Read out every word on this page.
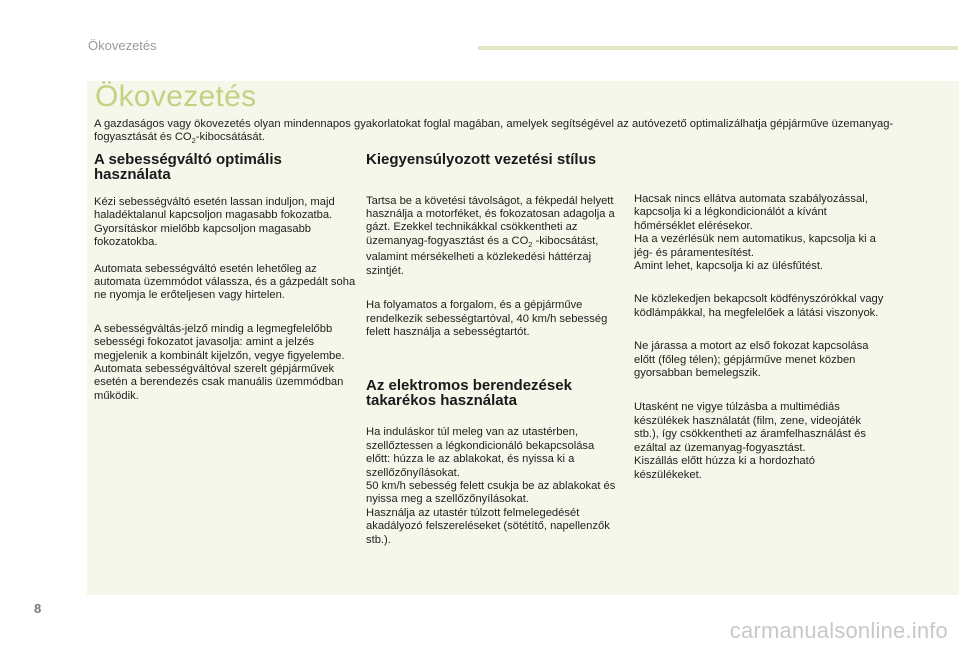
Ökovezetés
Ökovezetés
A gazdaságos vagy ökovezetés olyan mindennapos gyakorlatokat foglal magában, amelyek segítségével az autóvezető optimalizálhatja gépjárműve üzemanyag-fogyasztását és $CO_2$-kibocsátását.

A sebességváltó optimális használata

Kézi sebességváltó esetén lassan induljon, majd haladéktalanul kapcsoljon magasabb fokozatba. Gyorsításkor mielőbb kapcsoljon magasabb fokozatokba.

Automata sebességváltó esetén lehetőleg az automata üzemmódot válassza, és a gázpedált soha ne nyomja le erőteljesen vagy hirtelen.

A sebességváltás-jelző mindig a legmegfelelőbb sebességi fokozatot javasolja: amint a jelzés megjelenik a kombinált kijelzőn, vegye figyelembe.

Automata sebességváltóval szerelt gépjárművek esetén a berendezés csak manuális üzemmódban működik.

Kiegyensúlyozott vezetési stílus

Tartsa be a követési távolságot, a fékpedál helyett használja a motorféket, és fokozatosan adagolja a gázt. Ezekkel technikákkal csökkentheti az üzemanyag-fogyasztást és a $CO_2$ -kibocsátást, valamint mérsékelheti a közlekedési háttérzaj szintjét.

Ha folyamatos a forgalom, és a gépjárműve rendelkezik sebességtartóval, 40 km/h sebesség felett használja a sebességtartót.

Az elektromos berendezések takarékos használata

Ha induláskor túl meleg van az utastérben, szellőztessen a légkondicionáló bekapcsolása előtt: húzza le az ablakokat, és nyissa ki a szellőzőnyílásokat.

50 km/h sebesség felett csukja be az ablakokat és nyissa meg a szellőzőnyílásokat.

Használja az utastér túlzott felmelegedését akadályozó felszereléseket (sötétítő, napellenzők stb.).

Hacsak nincs ellátva automata szabályozással, kapcsolja ki a légkondicionálót a kívánt hőmérséklet elérésekor.

Ha a vezérlésük nem automatikus, kapcsolja ki a jég- és páramentesítést.

Amint lehet, kapcsolja ki az ülésfűtést.

Ne közlekedjen bekapcsolt ködfényszórókkal vagy ködlámpákkal, ha megfelelőek a látási viszonyok.

Ne járassa a motort az első fokozat kapcsolása előtt (főleg télen); gépjárműve menet közben gyorsabban bemelegszik.

Utasként ne vigye túlzásba a multimédiás készülékek használatát (film, zene, videojáték stb.), így csökkentheti az áramfelhasználást és ezáltal az üzemanyag-fogyasztást.

Kiszállás előtt húzza ki a hordozható készülékeket.

8
carmanualsonline.info
